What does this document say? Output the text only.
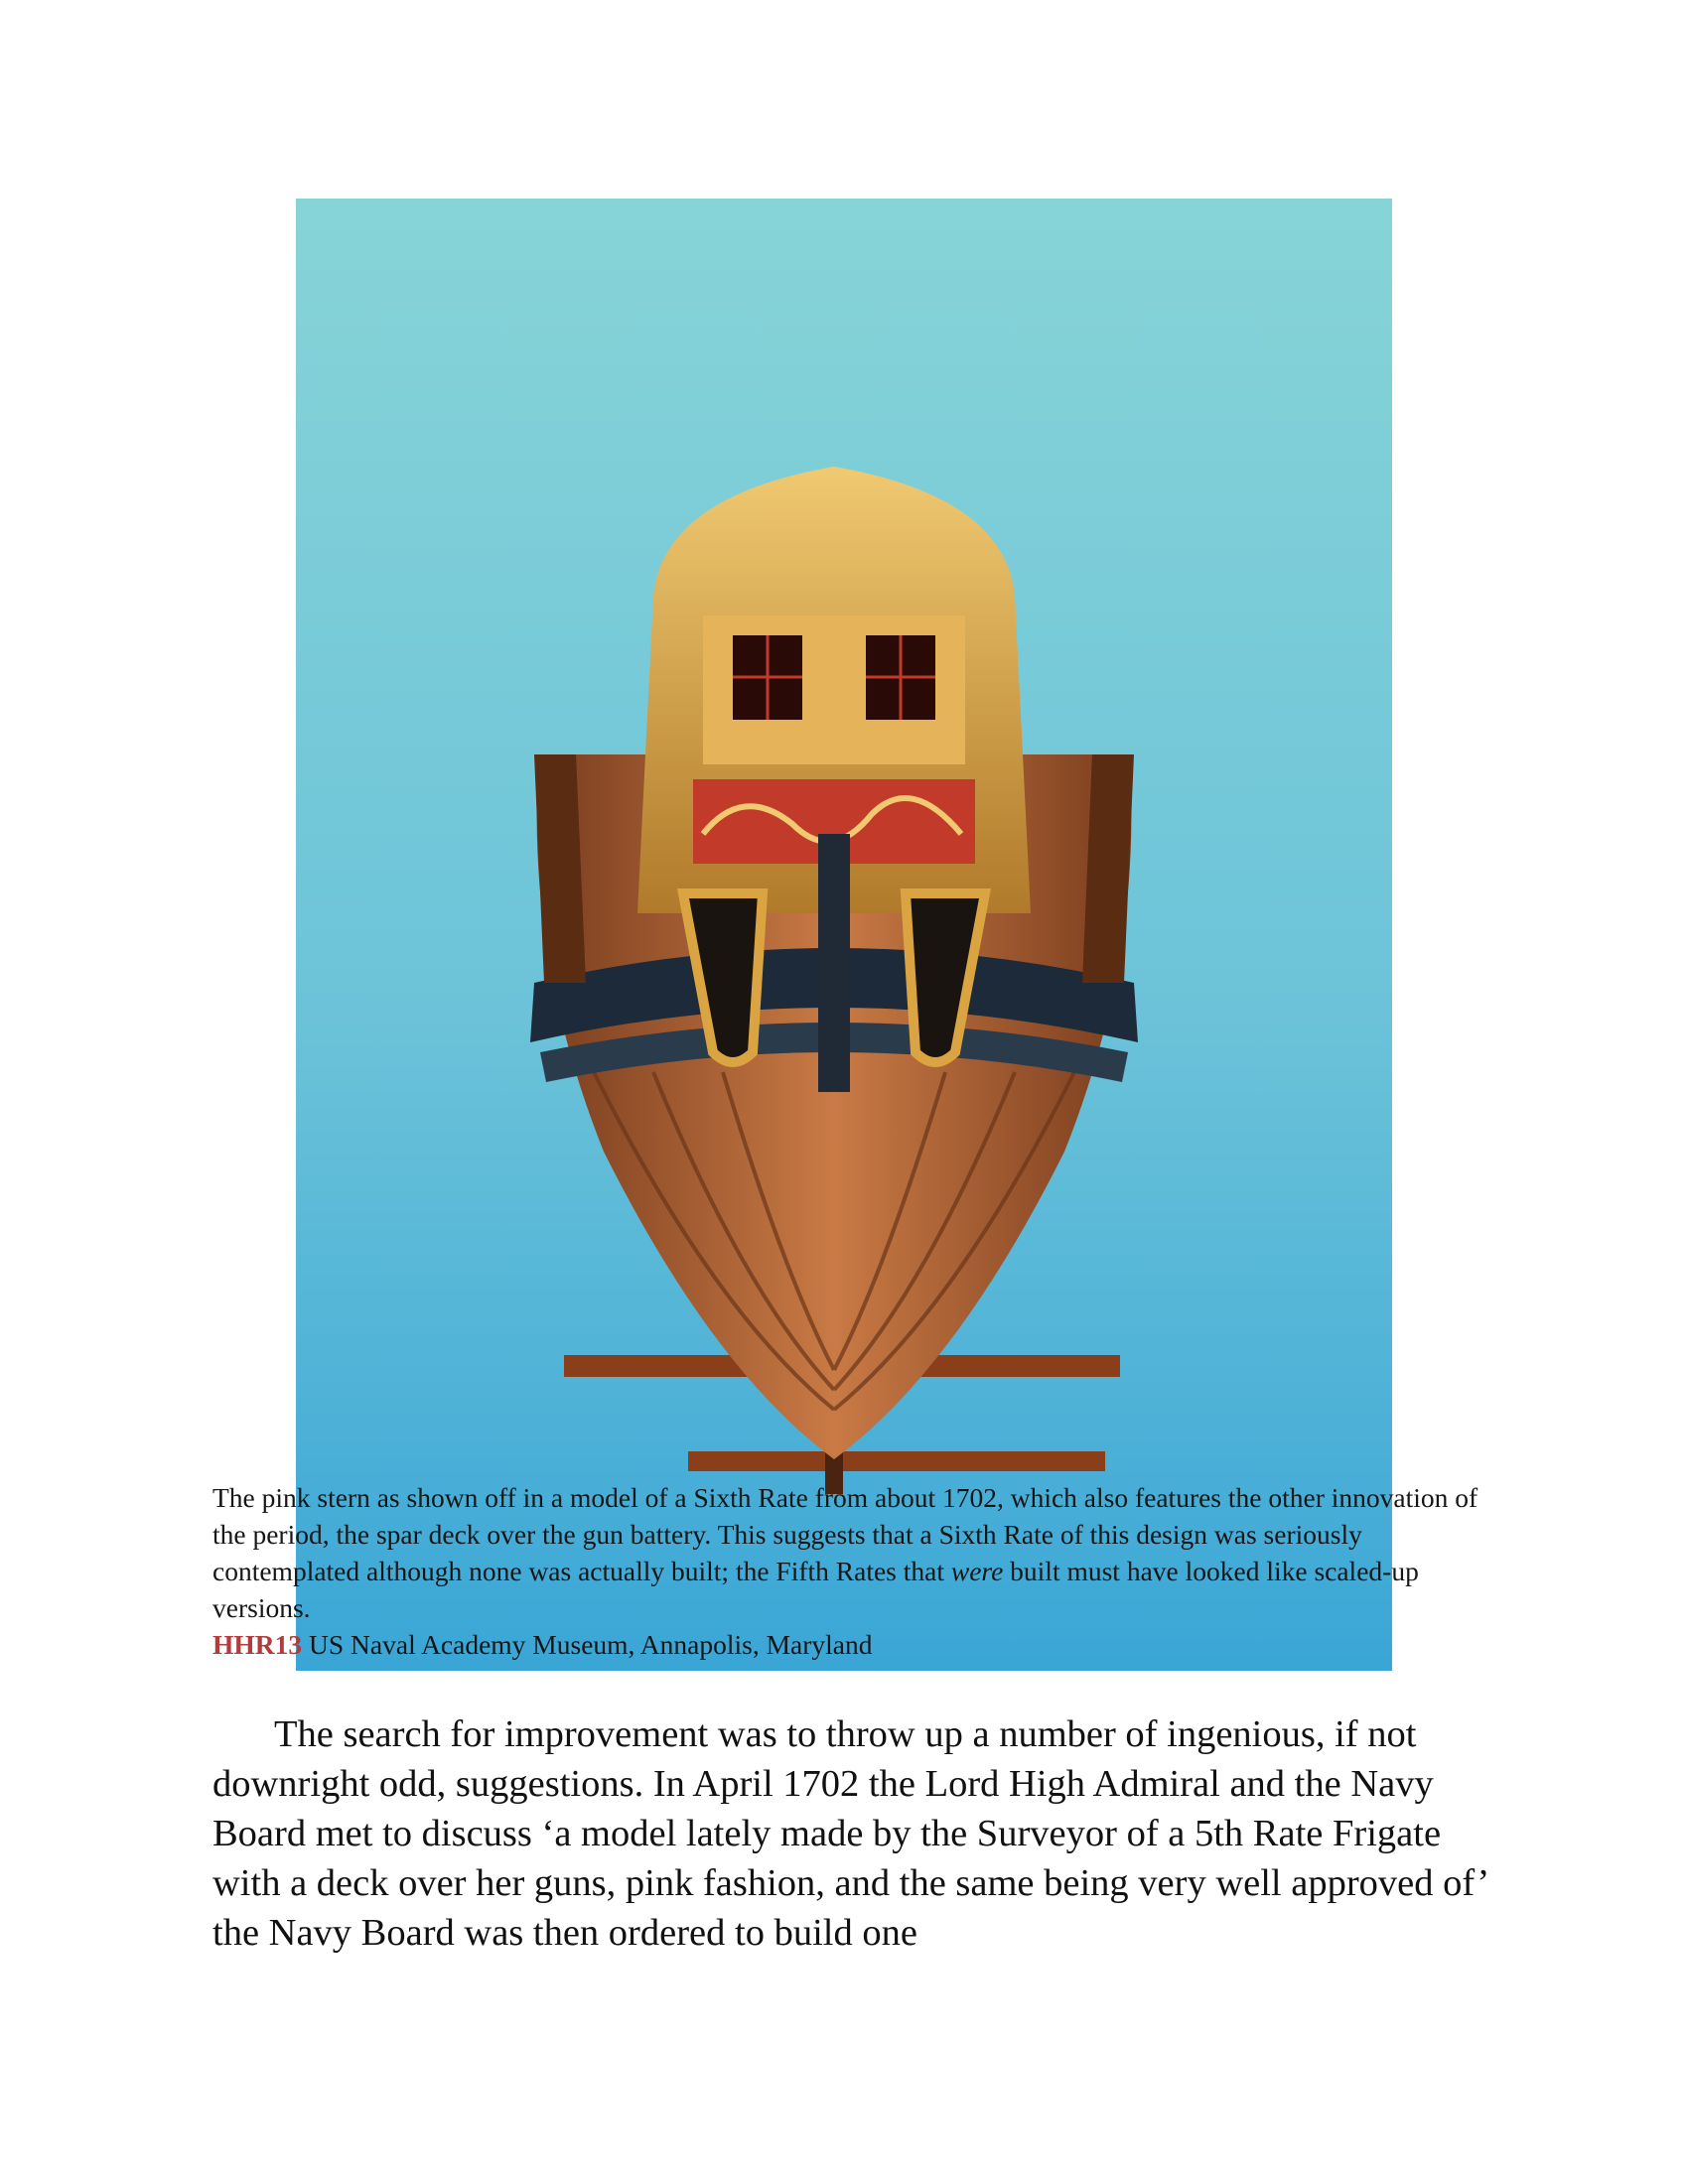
The pink stern as shown off in a model of a Sixth Rate from about 1702, which also features the other innovation of the period, the spar deck over the gun battery. This suggests that a Sixth Rate of this design was seriously contemplated although none was actually built; the Fifth Rates that were built must have looked like scaled-up versions.

HHR13 US Naval Academy Museum, Annapolis, Maryland

The search for improvement was to throw up a number of ingenious, if not downright odd, suggestions. In April 1702 the Lord High Admiral and the Navy Board met to discuss ‘a model lately made by the Surveyor of a 5th Rate Frigate with a deck over her guns, pink fashion, and the same being very well approved of’ the Navy Board was then ordered to build one
